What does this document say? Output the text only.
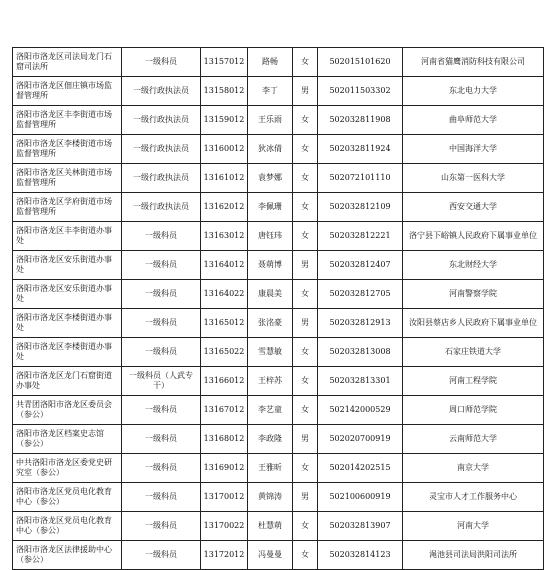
洛阳市洛龙区司法局龙门石窟司法所	一级科员	13157012	路畅	女	502015101620	河南省猫鹰消防科技有限公司
洛阳市洛龙区佃庄镇市场监督管理所	一级行政执法员	13158012	李丁	男	502011503302	东北电力大学
洛阳市洛龙区丰李街道市场监督管理所	一级行政执法员	13159012	王乐雨	女	502032811908	曲阜师范大学
洛阳市洛龙区李楼街道市场监督管理所	一级行政执法员	13160012	狄冰倩	女	502032811924	中国海洋大学
洛阳市洛龙区关林街道市场监督管理所	一级行政执法员	13161012	袁梦娜	女	502072101110	山东第一医科大学
洛阳市洛龙区学府街道市场监督管理所	一级行政执法员	13162012	李佩珊	女	502032812109	西安交通大学
洛阳市洛龙区丰李街道办事处	一级科员	13163012	唐钰玮	女	502032812221	洛宁县下峪镇人民政府下属事业单位
洛阳市洛龙区安乐街道办事处	一级科员	13164012	聂萌博	男	502032812407	东北财经大学
洛阳市洛龙区安乐街道办事处	一级科员	13164022	康晨美	女	502032812705	河南警察学院
洛阳市洛龙区李楼街道办事处	一级科员	13165012	张洺豪	男	502032812913	汝阳县蔡店乡人民政府下属事业单位
洛阳市洛龙区李楼街道办事处	一级科员	13165022	雪慧敏	女	502032813008	石家庄铁道大学
洛阳市洛龙区龙门石窟街道办事处	一级科员（人武专干）	13166012	王梓苏	女	502032813301	河南工程学院
共青团洛阳市洛龙区委员会（参公）	一级科员	13167012	李艺童	女	502142000529	周口师范学院
洛阳市洛龙区档案史志馆（参公）	一级科员	13168012	李政隆	男	502020700919	云南师范大学
中共洛阳市洛龙区委党史研究室（参公）	一级科员	13169012	王雅昕	女	502014202515	南京大学
洛阳市洛龙区党员电化教育中心（参公）	一级科员	13170012	黄锦涛	男	502100600919	灵宝市人才工作服务中心
洛阳市洛龙区党员电化教育中心（参公）	一级科员	13170022	杜慧萌	女	502032813907	河南大学
洛阳市洛龙区法律援助中心（参公）	一级科员	13172012	冯曼曼	女	502032814123	渑池县司法局洪阳司法所
